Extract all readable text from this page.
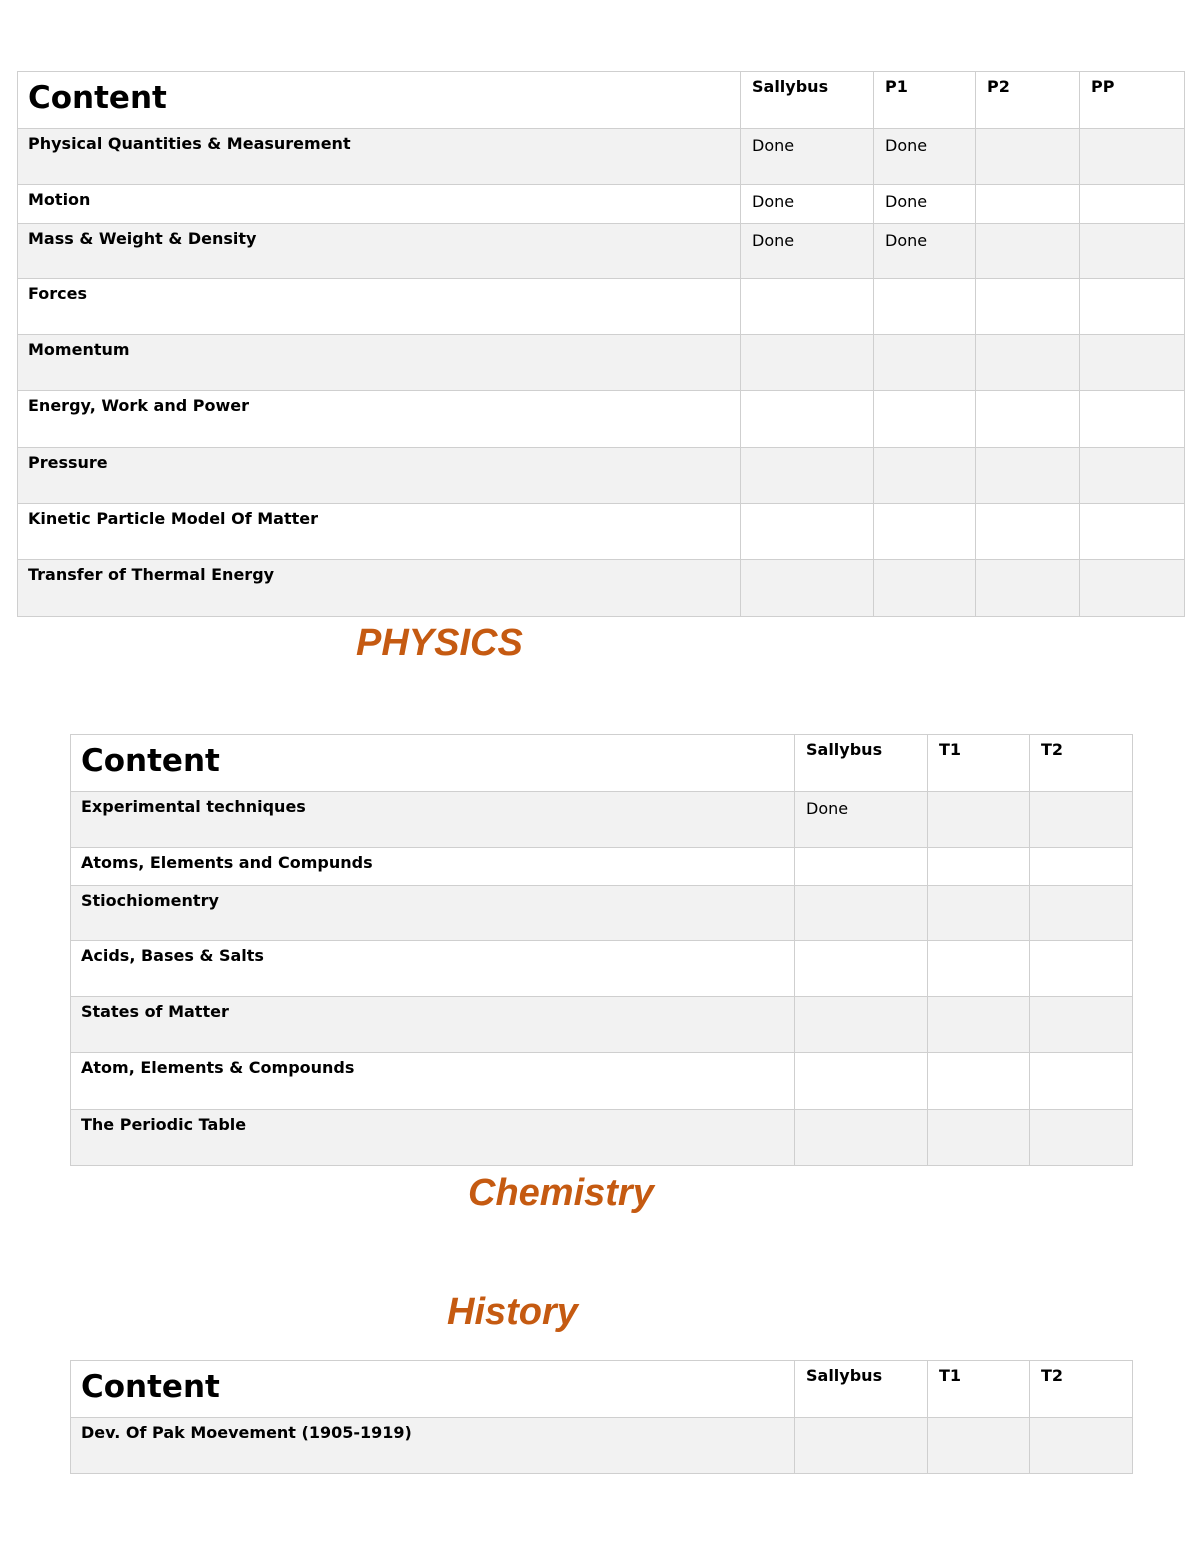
Content	Sallybus	P1	P2	PP
Physical Quantities & Measurement	Done	Done		
Motion	Done	Done		
Mass & Weight & Density	Done	Done		
Forces				
Momentum				
Energy, Work and Power				
Pressure				
Kinetic Particle Model Of Matter				
Transfer of Thermal Energy				
PHYSICS
Content	Sallybus	T1	T2
Experimental techniques	Done		
Atoms, Elements and Compunds			
Stiochiomentry			
Acids, Bases & Salts			
States of Matter			
Atom, Elements & Compounds			
The Periodic Table			
Chemistry
History
Content	Sallybus	T1	T2
Dev. Of Pak Moevement (1905-1919)			
